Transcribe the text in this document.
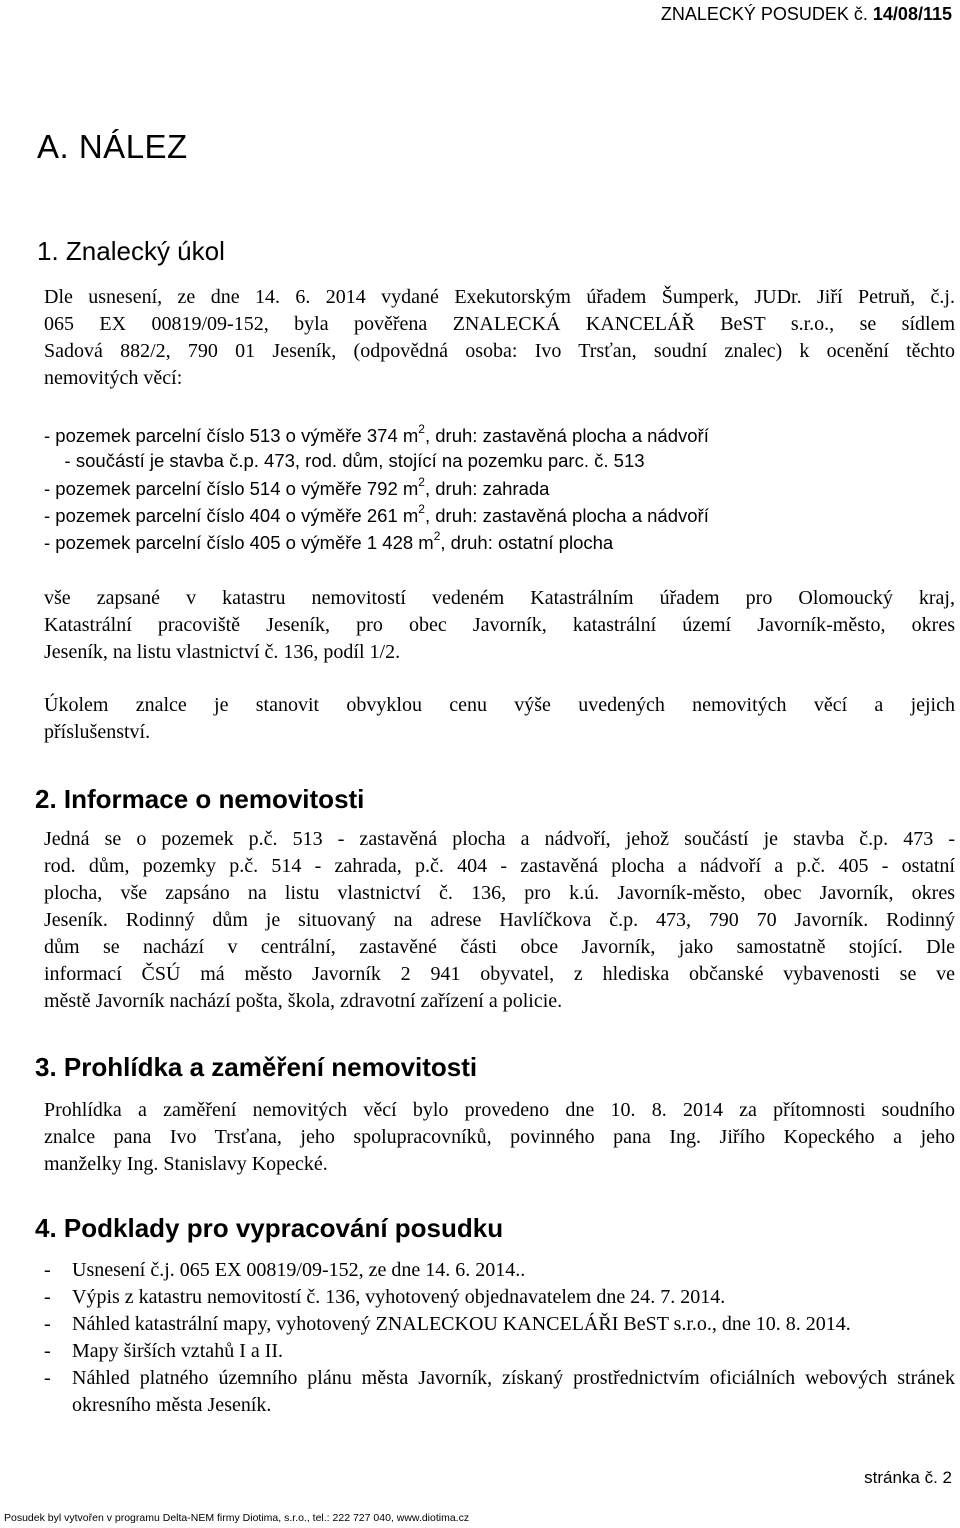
ZNALECKÝ POSUDEK č. 14/08/115
A. NÁLEZ
1. Znalecký úkol
Dle usnesení, ze dne 14. 6. 2014 vydané Exekutorským úřadem Šumperk, JUDr. Jiří Petruň, č.j.
065 EX 00819/09-152, byla pověřena ZNALECKÁ KANCELÁŘ BeST s.r.o., se sídlem
Sadová 882/2, 790 01 Jeseník, (odpovědná osoba: Ivo Trsťan, soudní znalec) k ocenění těchto
nemovitých věcí:
- pozemek parcelní číslo 513 o výměře 374 $m^2$, druh: zastavěná plocha a nádvoří
- součástí je stavba č.p. 473, rod. dům, stojící na pozemku parc. č. 513
- pozemek parcelní číslo 514 o výměře 792 $m^2$, druh: zahrada
- pozemek parcelní číslo 404 o výměře 261 $m^2$, druh: zastavěná plocha a nádvoří
- pozemek parcelní číslo 405 o výměře 1 428 $m^2$, druh: ostatní plocha
vše zapsané v katastru nemovitostí vedeném Katastrálním úřadem pro Olomoucký kraj,
Katastrální pracoviště Jeseník, pro obec Javorník, katastrální území Javorník-město, okres
Jeseník, na listu vlastnictví č. 136, podíl 1/2.
Úkolem znalce je stanovit obvyklou cenu výše uvedených nemovitých věcí a jejich
příslušenství.
2. Informace o nemovitosti
Jedná se o pozemek p.č. 513 - zastavěná plocha a nádvoří, jehož součástí je stavba č.p. 473 -
rod. dům, pozemky p.č. 514 - zahrada, p.č. 404 - zastavěná plocha a nádvoří a p.č. 405 - ostatní
plocha, vše zapsáno na listu vlastnictví č. 136, pro k.ú. Javorník-město, obec Javorník, okres
Jeseník. Rodinný dům je situovaný na adrese Havlíčkova č.p. 473, 790 70 Javorník. Rodinný
dům se nachází v centrální, zastavěné části obce Javorník, jako samostatně stojící. Dle
informací ČSÚ má město Javorník 2 941 obyvatel, z hlediska občanské vybavenosti se ve
městě Javorník nachází pošta, škola, zdravotní zařízení a policie.
3. Prohlídka a zaměření nemovitosti
Prohlídka a zaměření nemovitých věcí bylo provedeno dne 10. 8. 2014 za přítomnosti soudního
znalce pana Ivo Trsťana, jeho spolupracovníků, povinného pana Ing. Jiřího Kopeckého a jeho
manželky Ing. Stanislavy Kopecké.
4. Podklady pro vypracování posudku
- Usnesení č.j. 065 EX 00819/09-152, ze dne 14. 6. 2014..
- Výpis z katastru nemovitostí č. 136, vyhotovený objednavatelem dne 24. 7. 2014.
- Náhled katastrální mapy, vyhotovený ZNALECKOU KANCELÁŘI BeST s.r.o., dne 10. 8. 2014.
- Mapy širších vztahů I a II.
- Náhled platného územního plánu města Javorník, získaný prostřednictvím oficiálních webových stránek okresního města Jeseník.
stránka č. 2
Posudek byl vytvořen v programu Delta-NEM firmy Diotima, s.r.o., tel.: 222 727 040, www.diotima.cz
